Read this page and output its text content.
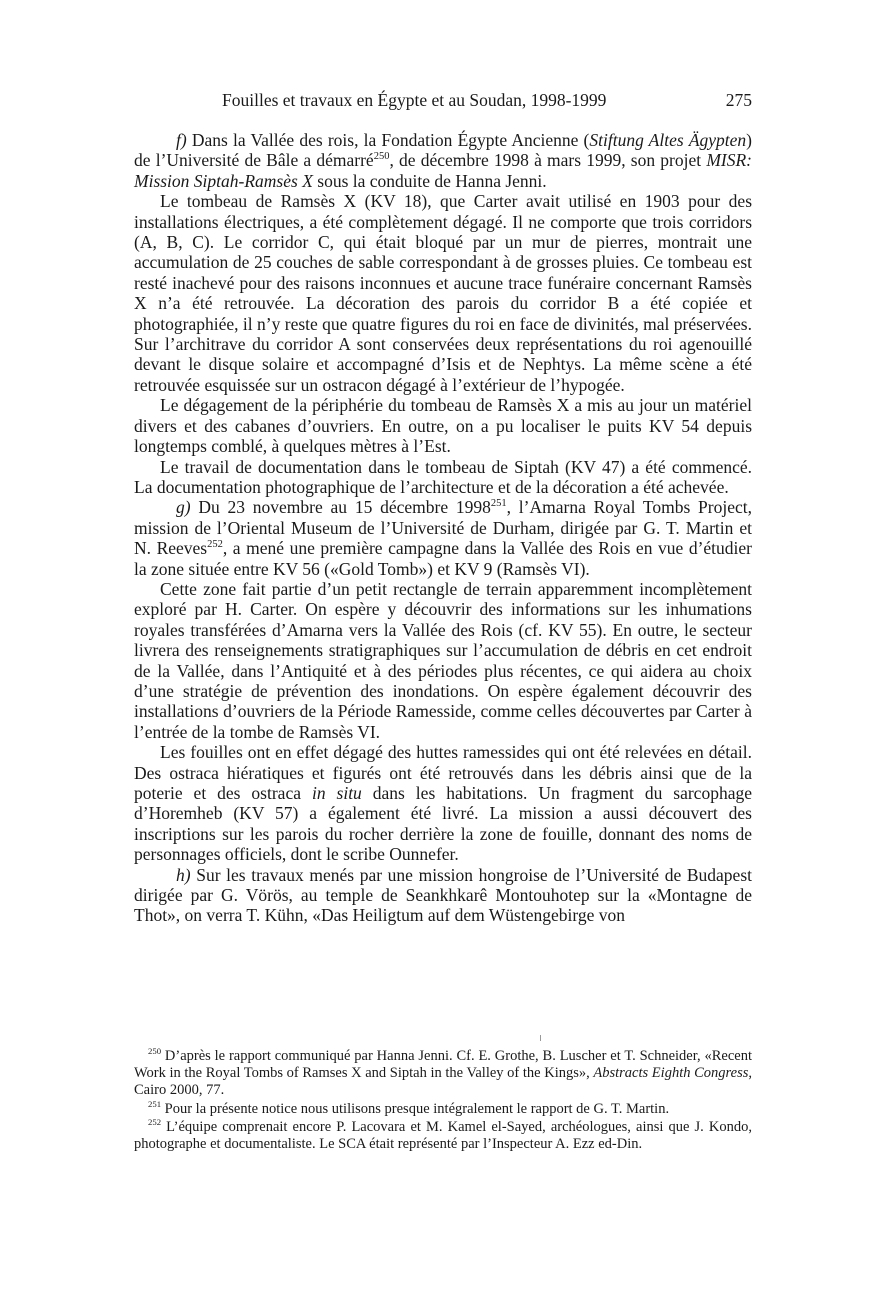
Fouilles et travaux en Égypte et au Soudan, 1998-1999	275

f) Dans la Vallée des rois, la Fondation Égypte Ancienne (Stiftung Altes Ägypten) de l’Université de Bâle a démarré$^{250}$, de décembre 1998 à mars 1999, son projet MISR: Mission Siptah-Ramsès X sous la conduite de Hanna Jenni.

Le tombeau de Ramsès X (KV 18), que Carter avait utilisé en 1903 pour des installations électriques, a été complètement dégagé. Il ne comporte que trois corridors (A, B, C). Le corridor C, qui était bloqué par un mur de pierres, montrait une accumulation de 25 couches de sable correspondant à de grosses pluies. Ce tombeau est resté inachevé pour des raisons inconnues et aucune trace funéraire concernant Ramsès X n’a été retrouvée. La décoration des parois du corridor B a été copiée et photographiée, il n’y reste que quatre figures du roi en face de divinités, mal préservées. Sur l’architrave du corridor A sont conservées deux représentations du roi agenouillé devant le disque solaire et accompagné d’Isis et de Nephtys. La même scène a été retrouvée esquissée sur un ostracon dégagé à l’extérieur de l’hypogée.

Le dégagement de la périphérie du tombeau de Ramsès X a mis au jour un matériel divers et des cabanes d’ouvriers. En outre, on a pu localiser le puits KV 54 depuis longtemps comblé, à quelques mètres à l’Est.

Le travail de documentation dans le tombeau de Siptah (KV 47) a été commencé. La documentation photographique de l’architecture et de la décoration a été achevée.

g) Du 23 novembre au 15 décembre 1998$^{251}$, l’Amarna Royal Tombs Project, mission de l’Oriental Museum de l’Université de Durham, dirigée par G. T. Martin et N. Reeves$^{252}$, a mené une première campagne dans la Vallée des Rois en vue d’étudier la zone située entre KV 56 («Gold Tomb») et KV 9 (Ramsès VI).

Cette zone fait partie d’un petit rectangle de terrain apparemment incomplètement exploré par H. Carter. On espère y découvrir des informations sur les inhumations royales transférées d’Amarna vers la Vallée des Rois (cf. KV 55). En outre, le secteur livrera des renseignements stratigraphiques sur l’accumulation de débris en cet endroit de la Vallée, dans l’Antiquité et à des périodes plus récentes, ce qui aidera au choix d’une stratégie de prévention des inondations. On espère également découvrir des installations d’ouvriers de la Période Ramesside, comme celles découvertes par Carter à l’entrée de la tombe de Ramsès VI.

Les fouilles ont en effet dégagé des huttes ramessides qui ont été relevées en détail. Des ostraca hiératiques et figurés ont été retrouvés dans les débris ainsi que de la poterie et des ostraca in situ dans les habitations. Un fragment du sarcophage d’Horemheb (KV 57) a également été livré. La mission a aussi découvert des inscriptions sur les parois du rocher derrière la zone de fouille, donnant des noms de personnages officiels, dont le scribe Ounnefer.

h) Sur les travaux menés par une mission hongroise de l’Université de Budapest dirigée par G. Vörös, au temple de Seankhkarê Montouhotep sur la «Montagne de Thot», on verra T. Kühn, «Das Heiligtum auf dem Wüstengebirge von

$^{250}$ D’après le rapport communiqué par Hanna Jenni. Cf. E. Grothe, B. Luscher et T. Schneider, «Recent Work in the Royal Tombs of Ramses X and Siptah in the Valley of the Kings», Abstracts Eighth Congress, Cairo 2000, 77.

$^{251}$ Pour la présente notice nous utilisons presque intégralement le rapport de G. T. Martin.

$^{252}$ L’équipe comprenait encore P. Lacovara et M. Kamel el-Sayed, archéologues, ainsi que J. Kondo, photographe et documentaliste. Le SCA était représenté par l’Inspecteur A. Ezz ed-Din.
